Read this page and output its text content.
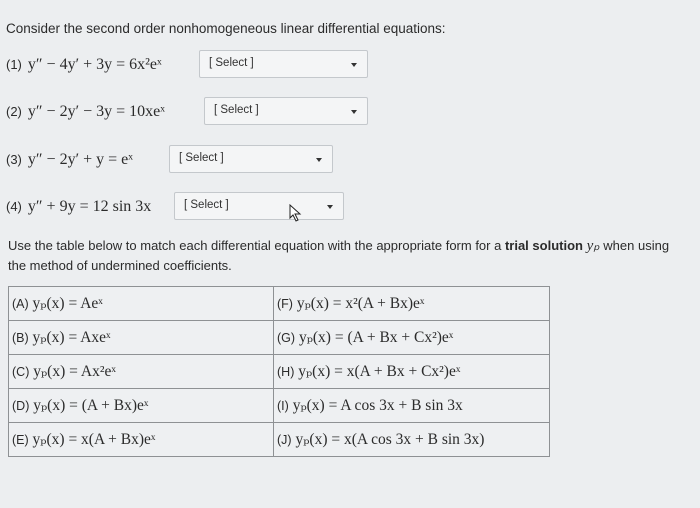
Consider the second order nonhomogeneous linear differential equations:
(1) y″ − 4y′ + 3y = 6x²eˣ	[ Select ]
(2) y″ − 2y′ − 3y = 10xeˣ	[ Select ]
(3) y″ − 2y′ + y = eˣ	[ Select ]
(4) y″ + 9y = 12 sin 3x	[ Select ]
Use the table below to match each differential equation with the appropriate form for a trial solution yₚ when using the method of undermined coefficients.
(A) yₚ(x) = Aeˣ	(F) yₚ(x) = x²(A + Bx)eˣ
(B) yₚ(x) = Axeˣ	(G) yₚ(x) = (A + Bx + Cx²)eˣ
(C) yₚ(x) = Ax²eˣ	(H) yₚ(x) = x(A + Bx + Cx²)eˣ
(D) yₚ(x) = (A + Bx)eˣ	(I) yₚ(x) = A cos 3x + B sin 3x
(E) yₚ(x) = x(A + Bx)eˣ	(J) yₚ(x) = x(A cos 3x + B sin 3x)
